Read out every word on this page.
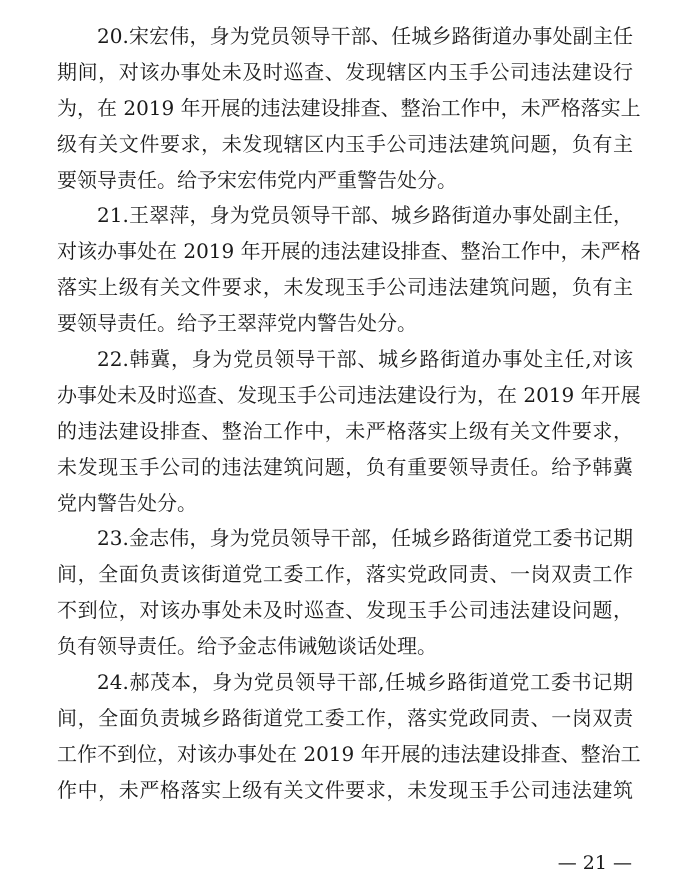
20.宋宏伟，身为党员领导干部、任城乡路街道办事处副主任
期间，对该办事处未及时巡查、发现辖区内玉手公司违法建设行
为，在 2019 年开展的违法建设排查、整治工作中，未严格落实上
级有关文件要求，未发现辖区内玉手公司违法建筑问题，负有主
要领导责任。给予宋宏伟党内严重警告处分。
21.王翠萍，身为党员领导干部、城乡路街道办事处副主任，
对该办事处在 2019 年开展的违法建设排查、整治工作中，未严格
落实上级有关文件要求，未发现玉手公司违法建筑问题，负有主
要领导责任。给予王翠萍党内警告处分。
22.韩冀，身为党员领导干部、城乡路街道办事处主任,对该
办事处未及时巡查、发现玉手公司违法建设行为，在 2019 年开展
的违法建设排查、整治工作中，未严格落实上级有关文件要求，
未发现玉手公司的违法建筑问题，负有重要领导责任。给予韩冀
党内警告处分。
23.金志伟，身为党员领导干部，任城乡路街道党工委书记期
间，全面负责该街道党工委工作，落实党政同责、一岗双责工作
不到位，对该办事处未及时巡查、发现玉手公司违法建设问题，
负有领导责任。给予金志伟诫勉谈话处理。
24.郝茂本，身为党员领导干部,任城乡路街道党工委书记期
间，全面负责城乡路街道党工委工作，落实党政同责、一岗双责
工作不到位，对该办事处在 2019 年开展的违法建设排查、整治工
作中，未严格落实上级有关文件要求，未发现玉手公司违法建筑
— 21 —
